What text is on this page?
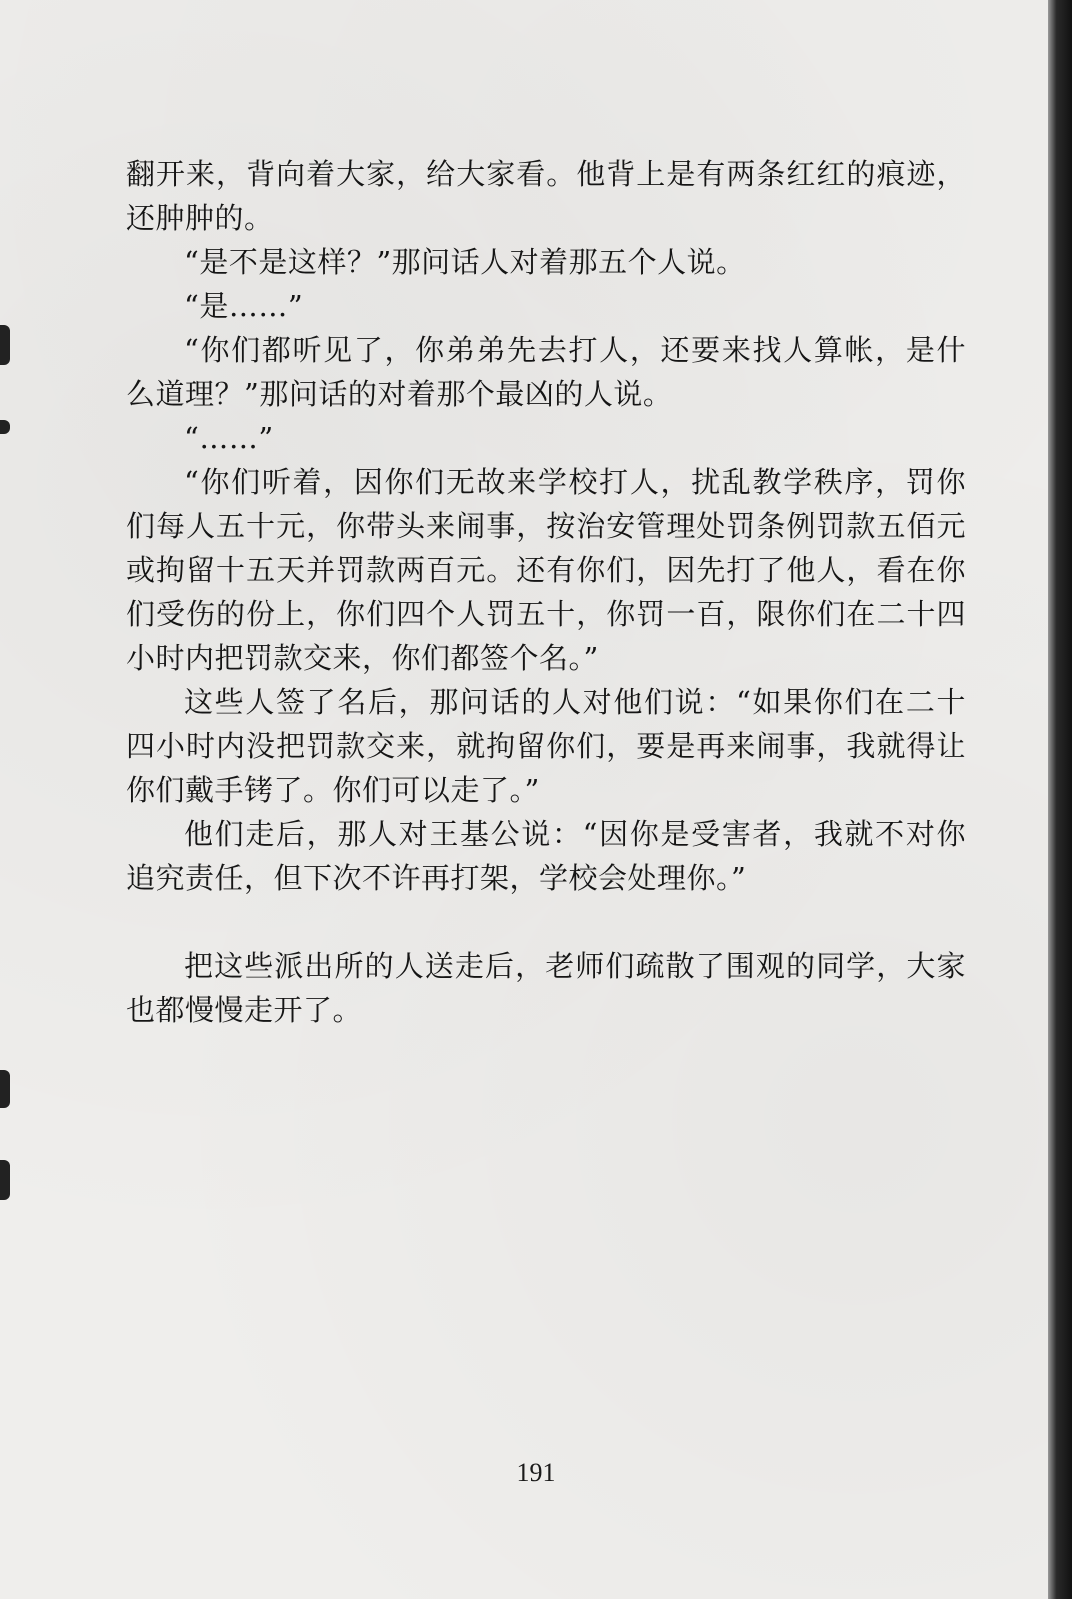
翻开来，背向着大家，给大家看。他背上是有两条红红的痕迹，还肿肿的。

“是不是这样？”那问话人对着那五个人说。

“是……”

“你们都听见了，你弟弟先去打人，还要来找人算帐，是什么道理？”那问话的对着那个最凶的人说。

“……”

“你们听着，因你们无故来学校打人，扰乱教学秩序，罚你们每人五十元，你带头来闹事，按治安管理处罚条例罚款五佰元或拘留十五天并罚款两百元。还有你们，因先打了他人，看在你们受伤的份上，你们四个人罚五十，你罚一百，限你们在二十四小时内把罚款交来，你们都签个名。”

这些人签了名后，那问话的人对他们说：“如果你们在二十四小时内没把罚款交来，就拘留你们，要是再来闹事，我就得让你们戴手铐了。你们可以走了。”

他们走后，那人对王基公说：“因你是受害者，我就不对你追究责任，但下次不许再打架，学校会处理你。”

把这些派出所的人送走后，老师们疏散了围观的同学，大家也都慢慢走开了。

191
